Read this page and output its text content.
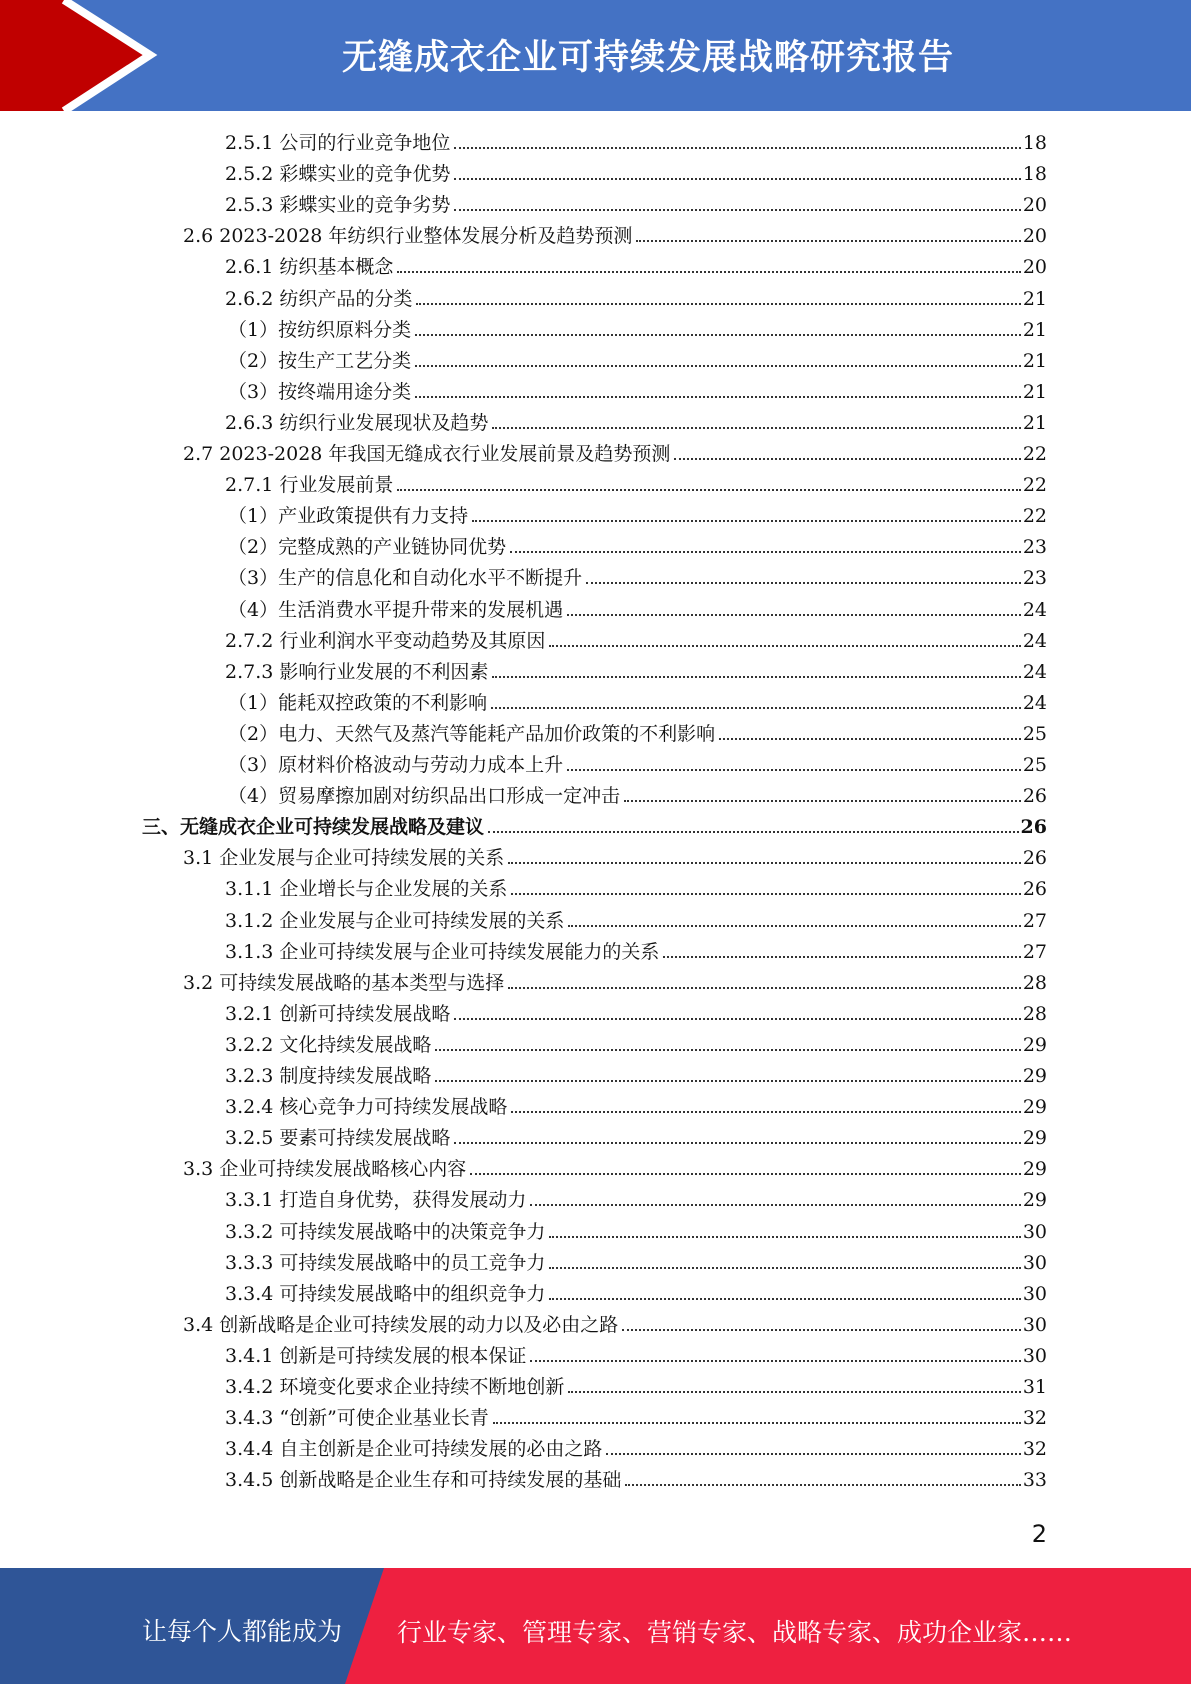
无缝成衣企业可持续发展战略研究报告
2.5.1 公司的行业竞争地位	18
2.5.2 彩蝶实业的竞争优势	18
2.5.3 彩蝶实业的竞争劣势	20
2.6 2023-2028 年纺织行业整体发展分析及趋势预测	20
2.6.1 纺织基本概念	20
2.6.2 纺织产品的分类	21
（1）按纺织原料分类	21
（2）按生产工艺分类	21
（3）按终端用途分类	21
2.6.3 纺织行业发展现状及趋势	21
2.7 2023-2028 年我国无缝成衣行业发展前景及趋势预测	22
2.7.1 行业发展前景	22
（1）产业政策提供有力支持	22
（2）完整成熟的产业链协同优势	23
（3）生产的信息化和自动化水平不断提升	23
（4）生活消费水平提升带来的发展机遇	24
2.7.2 行业利润水平变动趋势及其原因	24
2.7.3 影响行业发展的不利因素	24
（1）能耗双控政策的不利影响	24
（2）电力、天然气及蒸汽等能耗产品加价政策的不利影响	25
（3）原材料价格波动与劳动力成本上升	25
（4）贸易摩擦加剧对纺织品出口形成一定冲击	26
三、无缝成衣企业可持续发展战略及建议	26
3.1 企业发展与企业可持续发展的关系	26
3.1.1 企业增长与企业发展的关系	26
3.1.2 企业发展与企业可持续发展的关系	27
3.1.3 企业可持续发展与企业可持续发展能力的关系	27
3.2 可持续发展战略的基本类型与选择	28
3.2.1 创新可持续发展战略	28
3.2.2 文化持续发展战略	29
3.2.3 制度持续发展战略	29
3.2.4 核心竞争力可持续发展战略	29
3.2.5 要素可持续发展战略	29
3.3 企业可持续发展战略核心内容	29
3.3.1 打造自身优势，获得发展动力	29
3.3.2 可持续发展战略中的决策竞争力	30
3.3.3 可持续发展战略中的员工竞争力	30
3.3.4 可持续发展战略中的组织竞争力	30
3.4 创新战略是企业可持续发展的动力以及必由之路	30
3.4.1 创新是可持续发展的根本保证	30
3.4.2 环境变化要求企业持续不断地创新	31
3.4.3 “创新”可使企业基业长青	32
3.4.4 自主创新是企业可持续发展的必由之路	32
3.4.5 创新战略是企业生存和可持续发展的基础	33
2
让每个人都能成为 行业专家、管理专家、营销专家、战略专家、成功企业家……
